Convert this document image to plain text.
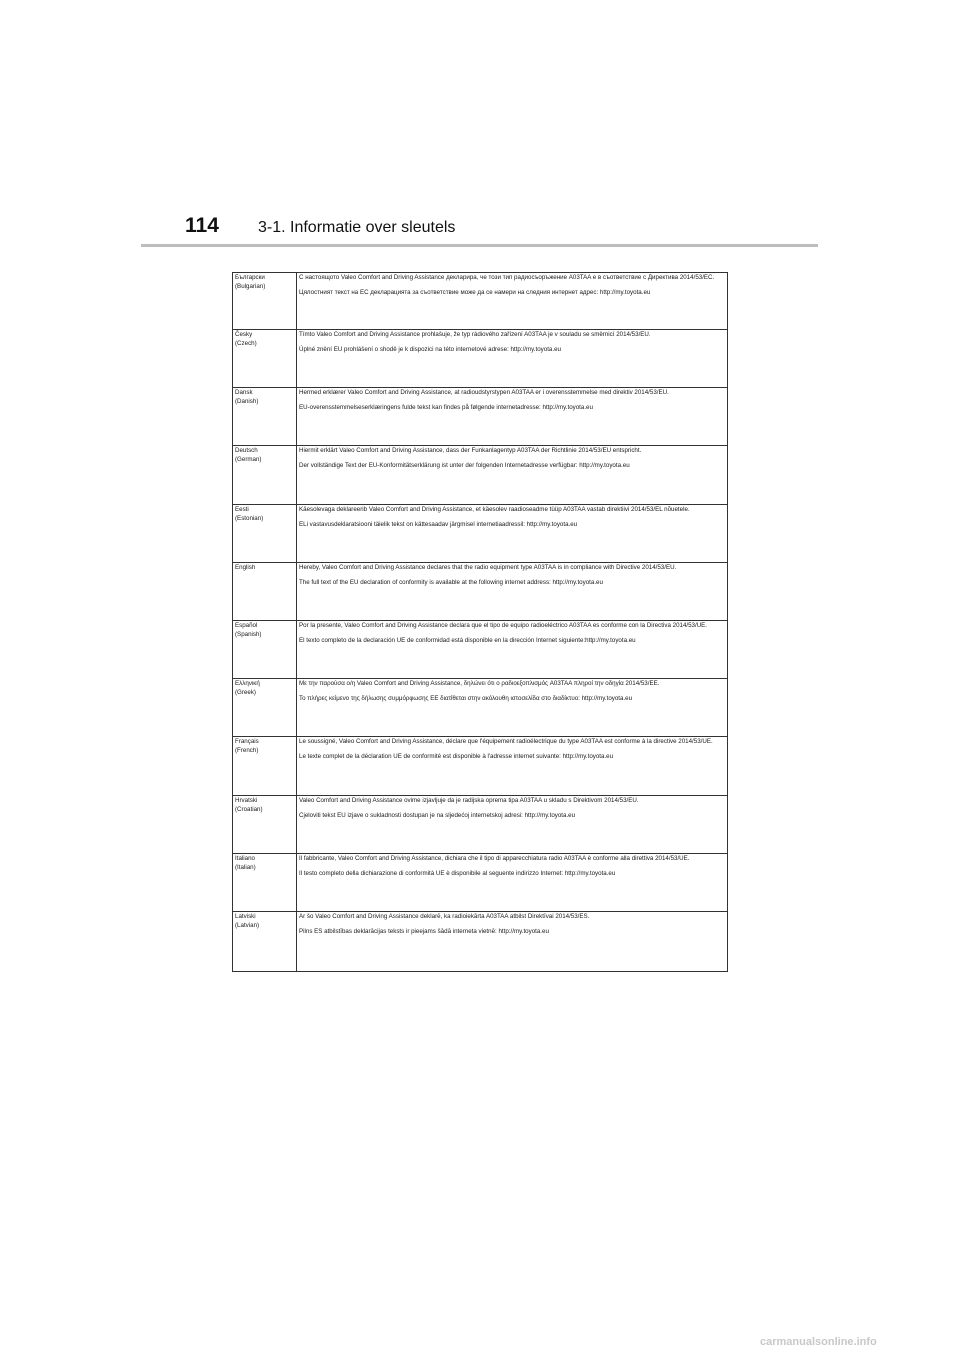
114 3-1. Informatie over sleutels
Български
(Bulgarian)	С настоящото Valeo Comfort and Driving Assistance декларира, че този тип радиосъоръжение A03TAA е в съответствие с Директива 2014/53/ЕС.
Цялостният текст на ЕС декларацията за съответствие може да се намери на следния интернет адрес: http://my.toyota.eu

Česky
(Czech)	Tímto Valeo Comfort and Driving Assistance prohlašuje, že typ rádiového zařízení A03TAA je v souladu se směrnicí 2014/53/EU.
Úplné znění EU prohlášení o shodě je k dispozici na této internetové adrese: http://my.toyota.eu

Dansk
(Danish)	Hermed erklærer Valeo Comfort and Driving Assistance, at radioudstyrstypen A03TAA er i overensstemmelse med direktiv 2014/53/EU.
EU-overensstemmelseserklæringens fulde tekst kan findes på følgende internetadresse: http://my.toyota.eu

Deutsch
(German)	Hiermit erklärt Valeo Comfort and Driving Assistance, dass der Funkanlagentyp A03TAA der Richtlinie 2014/53/EU entspricht.
Der vollständige Text der EU-Konformitätserklärung ist unter der folgenden Internetadresse verfügbar: http://my.toyota.eu

Eesti
(Estonian)	Käesolevaga deklareerib Valeo Comfort and Driving Assistance, et käesolev raadioseadme tüüp A03TAA vastab direktiivi 2014/53/EL nõuetele.
ELi vastavusdeklaratsiooni täielik tekst on kättesaadav järgmisel internetiaadressil: http://my.toyota.eu

English	Hereby, Valeo Comfort and Driving Assistance declares that the radio equipment type A03TAA is in compliance with Directive 2014/53/EU.
The full text of the EU declaration of conformity is available at the following internet address: http://my.toyota.eu

Español
(Spanish)	Por la presente, Valeo Comfort and Driving Assistance declara que el tipo de equipo radioeléctrico A03TAA es conforme con la Directiva 2014/53/UE.
El texto completo de la declaración UE de conformidad está disponible en la dirección Internet siguiente:http://my.toyota.eu

Ελληνική
(Greek)	Με την παρούσα ο/η Valeo Comfort and Driving Assistance, δηλώνει ότι ο ραδιοεξοπλισμός A03TAA πληροί την οδηγία 2014/53/ΕΕ.
Το πλήρες κείμενο της δήλωσης συμμόρφωσης ΕΕ διατίθεται στην ακόλουθη ιστοσελίδα στο διαδίκτυο: http://my.toyota.eu

Français
(French)	Le soussigné, Valeo Comfort and Driving Assistance, déclare que l'équipement radioélectrique du type A03TAA est conforme à la directive 2014/53/UE.
Le texte complet de la déclaration UE de conformité est disponible à l'adresse internet suivante: http://my.toyota.eu

Hrvatski
(Croatian)	Valeo Comfort and Driving Assistance ovime izjavljuje da je radijska oprema tipa A03TAA u skladu s Direktivom 2014/53/EU.
Cjeloviti tekst EU izjave o sukladnosti dostupan je na sljedećoj internetskoj adresi: http://my.toyota.eu

Italiano
(Italian)	Il fabbricante, Valeo Comfort and Driving Assistance, dichiara che il tipo di apparecchiatura radio A03TAA è conforme alla direttiva 2014/53/UE.
Il testo completo della dichiarazione di conformità UE è disponibile al seguente indirizzo Internet: http://my.toyota.eu

Latviski
(Latvian)	Ar šo Valeo Comfort and Driving Assistance deklarē, ka radioiekārta A03TAA atbilst Direktīvai 2014/53/ES.
Pilns ES atbilstības deklarācijas teksts ir pieejams šādā interneta vietnē: http://my.toyota.eu
carmanualsonline.info
